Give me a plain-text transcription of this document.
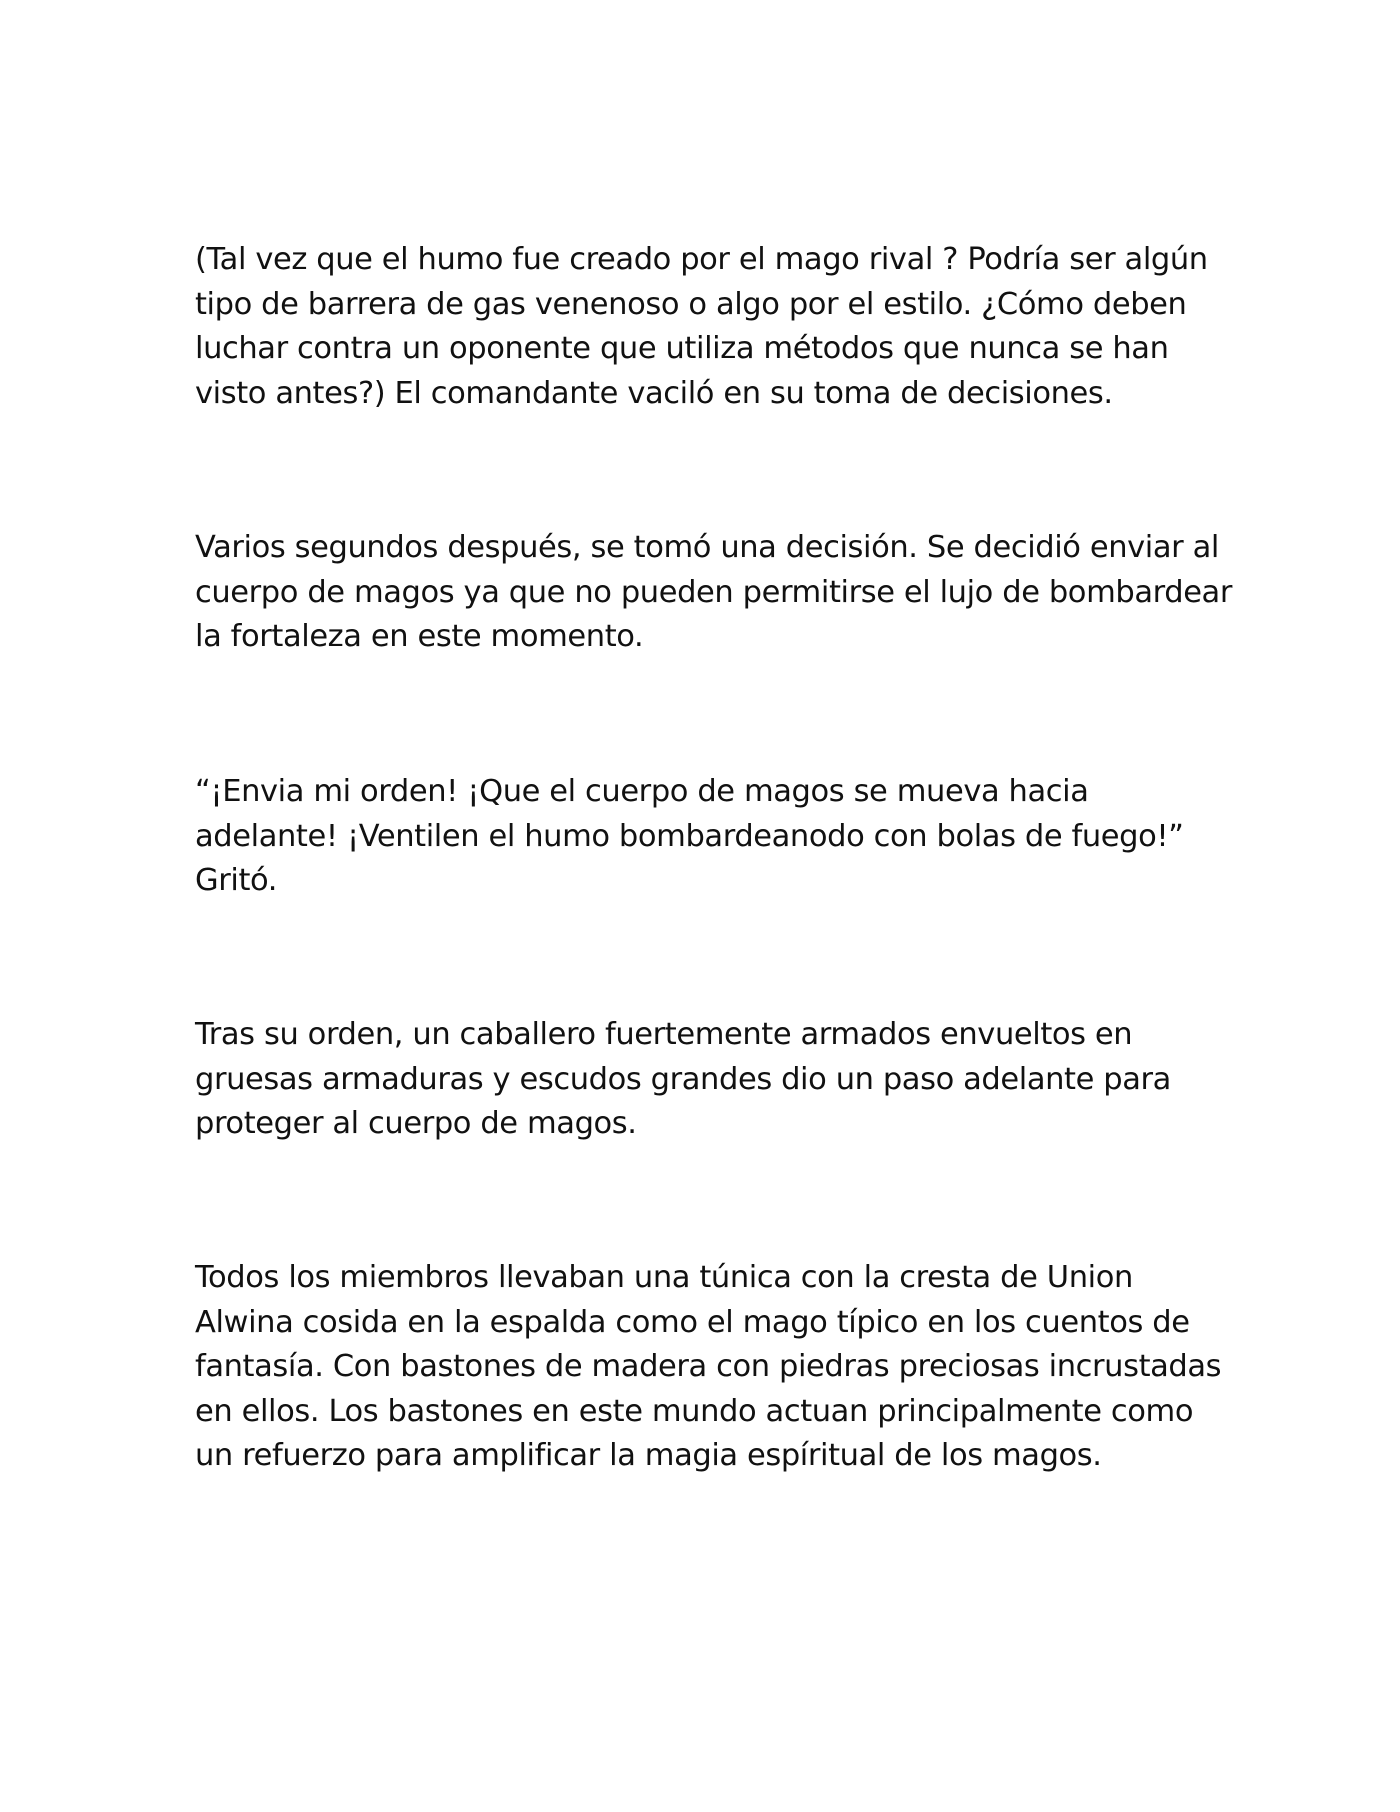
(Tal vez que el humo fue creado por el mago rival ? Podría ser algún tipo de barrera de gas venenoso o algo por el estilo. ¿Cómo deben luchar contra un oponente que utiliza métodos que nunca se han visto antes?) El comandante vaciló en su toma de decisiones.

Varios segundos después, se tomó una decisión. Se decidió enviar al cuerpo de magos ya que no pueden permitirse el lujo de bombardear la fortaleza en este momento.

“¡Envia mi orden! ¡Que el cuerpo de magos se mueva hacia adelante! ¡Ventilen el humo bombardeanodo con bolas de fuego!” Gritó.

Tras su orden, un caballero fuertemente armados envueltos en gruesas armaduras y escudos grandes dio un paso adelante para proteger al cuerpo de magos.

Todos los miembros llevaban una túnica con la cresta de Union Alwina cosida en la espalda como el mago típico en los cuentos de fantasía. Con bastones de madera con piedras preciosas incrustadas en ellos. Los bastones en este mundo actuan principalmente como un refuerzo para amplificar la magia espíritual de los magos.
